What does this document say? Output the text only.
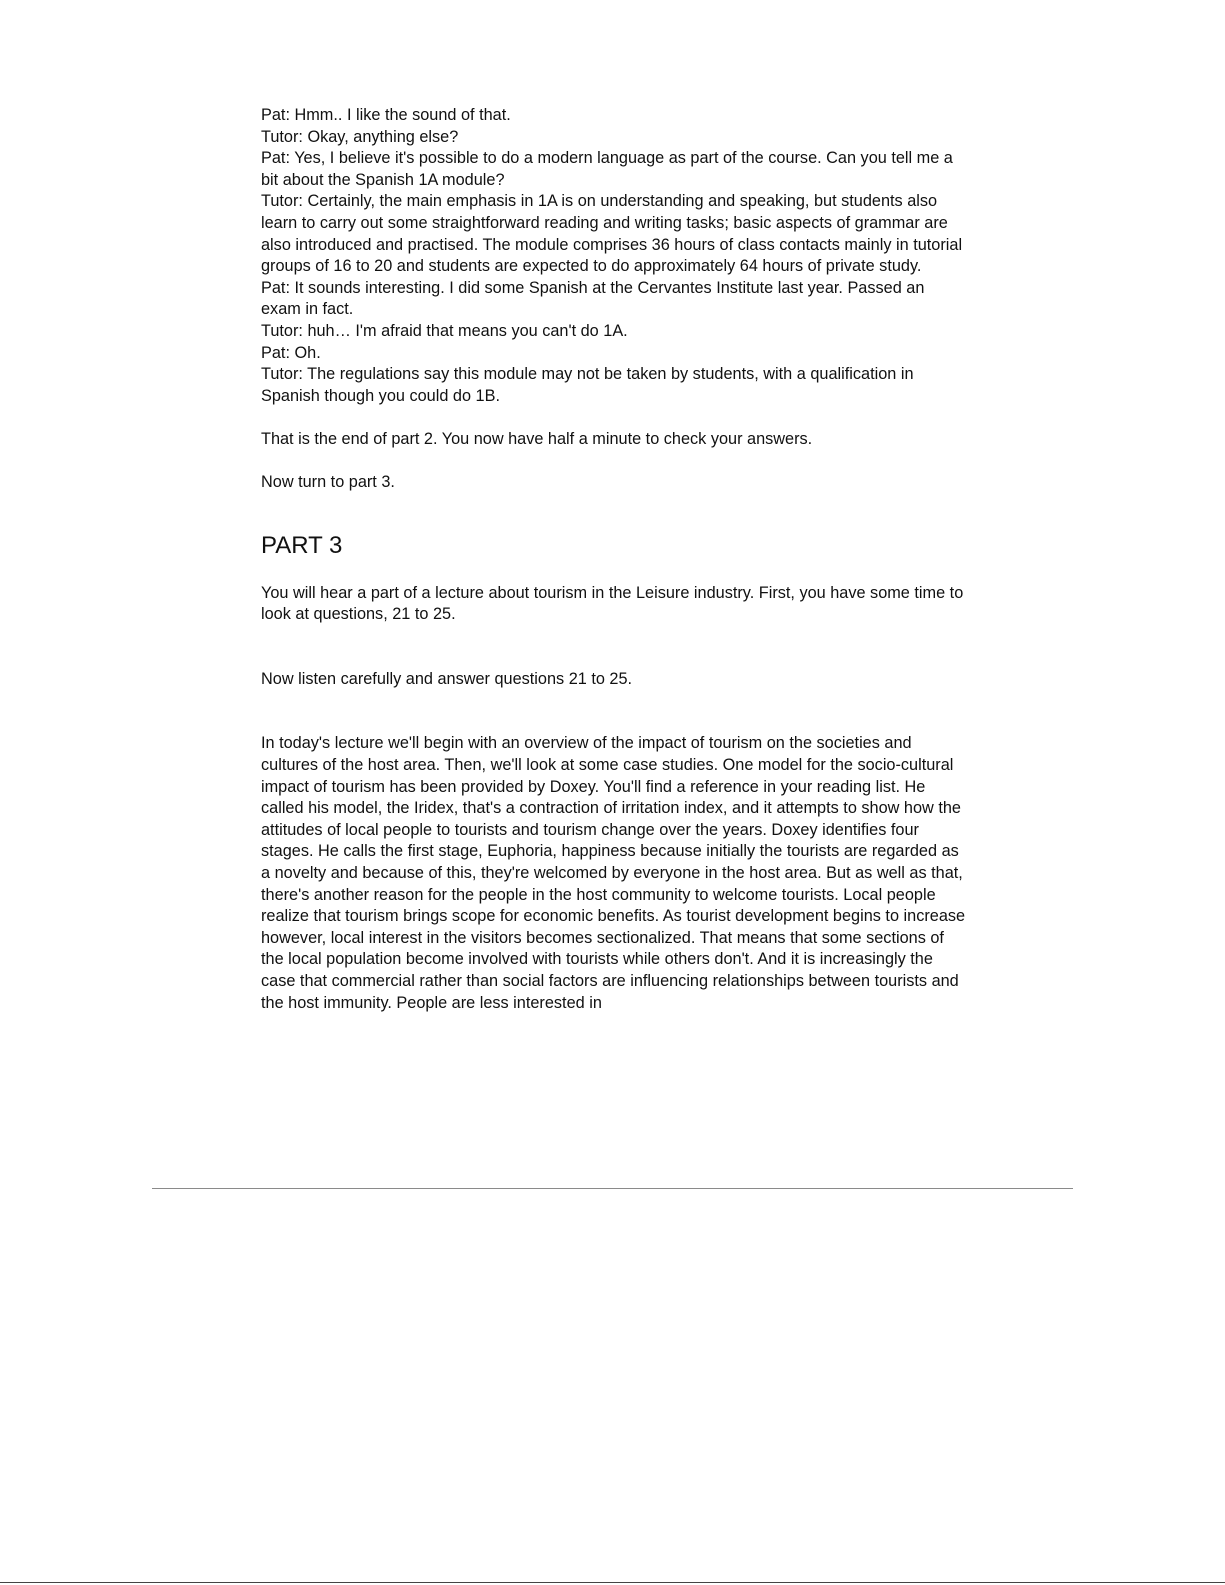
Pat: Hmm.. I like the sound of that.

Tutor: Okay, anything else?

Pat: Yes, I believe it's possible to do a modern language as part of the course. Can you tell me a bit about the Spanish 1A module?

Tutor: Certainly, the main emphasis in 1A is on understanding and speaking, but students also learn to carry out some straightforward reading and writing tasks; basic aspects of grammar are also introduced and practised. The module comprises 36 hours of class contacts mainly in tutorial groups of 16 to 20 and students are expected to do approximately 64 hours of private study.

Pat: It sounds interesting. I did some Spanish at the Cervantes Institute last year. Passed an exam in fact.

Tutor: huh… I'm afraid that means you can't do 1A.

Pat: Oh.

Tutor: The regulations say this module may not be taken by students, with a qualification in Spanish though you could do 1B.

That is the end of part 2. You now have half a minute to check your answers.

Now turn to part 3.

PART 3

You will hear a part of a lecture about tourism in the Leisure industry. First, you have some time to look at questions, 21 to 25.

Now listen carefully and answer questions 21 to 25.

In today's lecture we'll begin with an overview of the impact of tourism on the societies and cultures of the host area. Then, we'll look at some case studies. One model for the socio-cultural impact of tourism has been provided by Doxey. You'll find a reference in your reading list. He called his model, the Iridex, that's a contraction of irritation index, and it attempts to show how the attitudes of local people to tourists and tourism change over the years. Doxey identifies four stages. He calls the first stage, Euphoria, happiness because initially the tourists are regarded as a novelty and because of this, they're welcomed by everyone in the host area. But as well as that, there's another reason for the people in the host community to welcome tourists. Local people realize that tourism brings scope for economic benefits. As tourist development begins to increase however, local interest in the visitors becomes sectionalized. That means that some sections of the local population become involved with tourists while others don't. And it is increasingly the case that commercial rather than social factors are influencing relationships between tourists and the host immunity. People are less interested in
